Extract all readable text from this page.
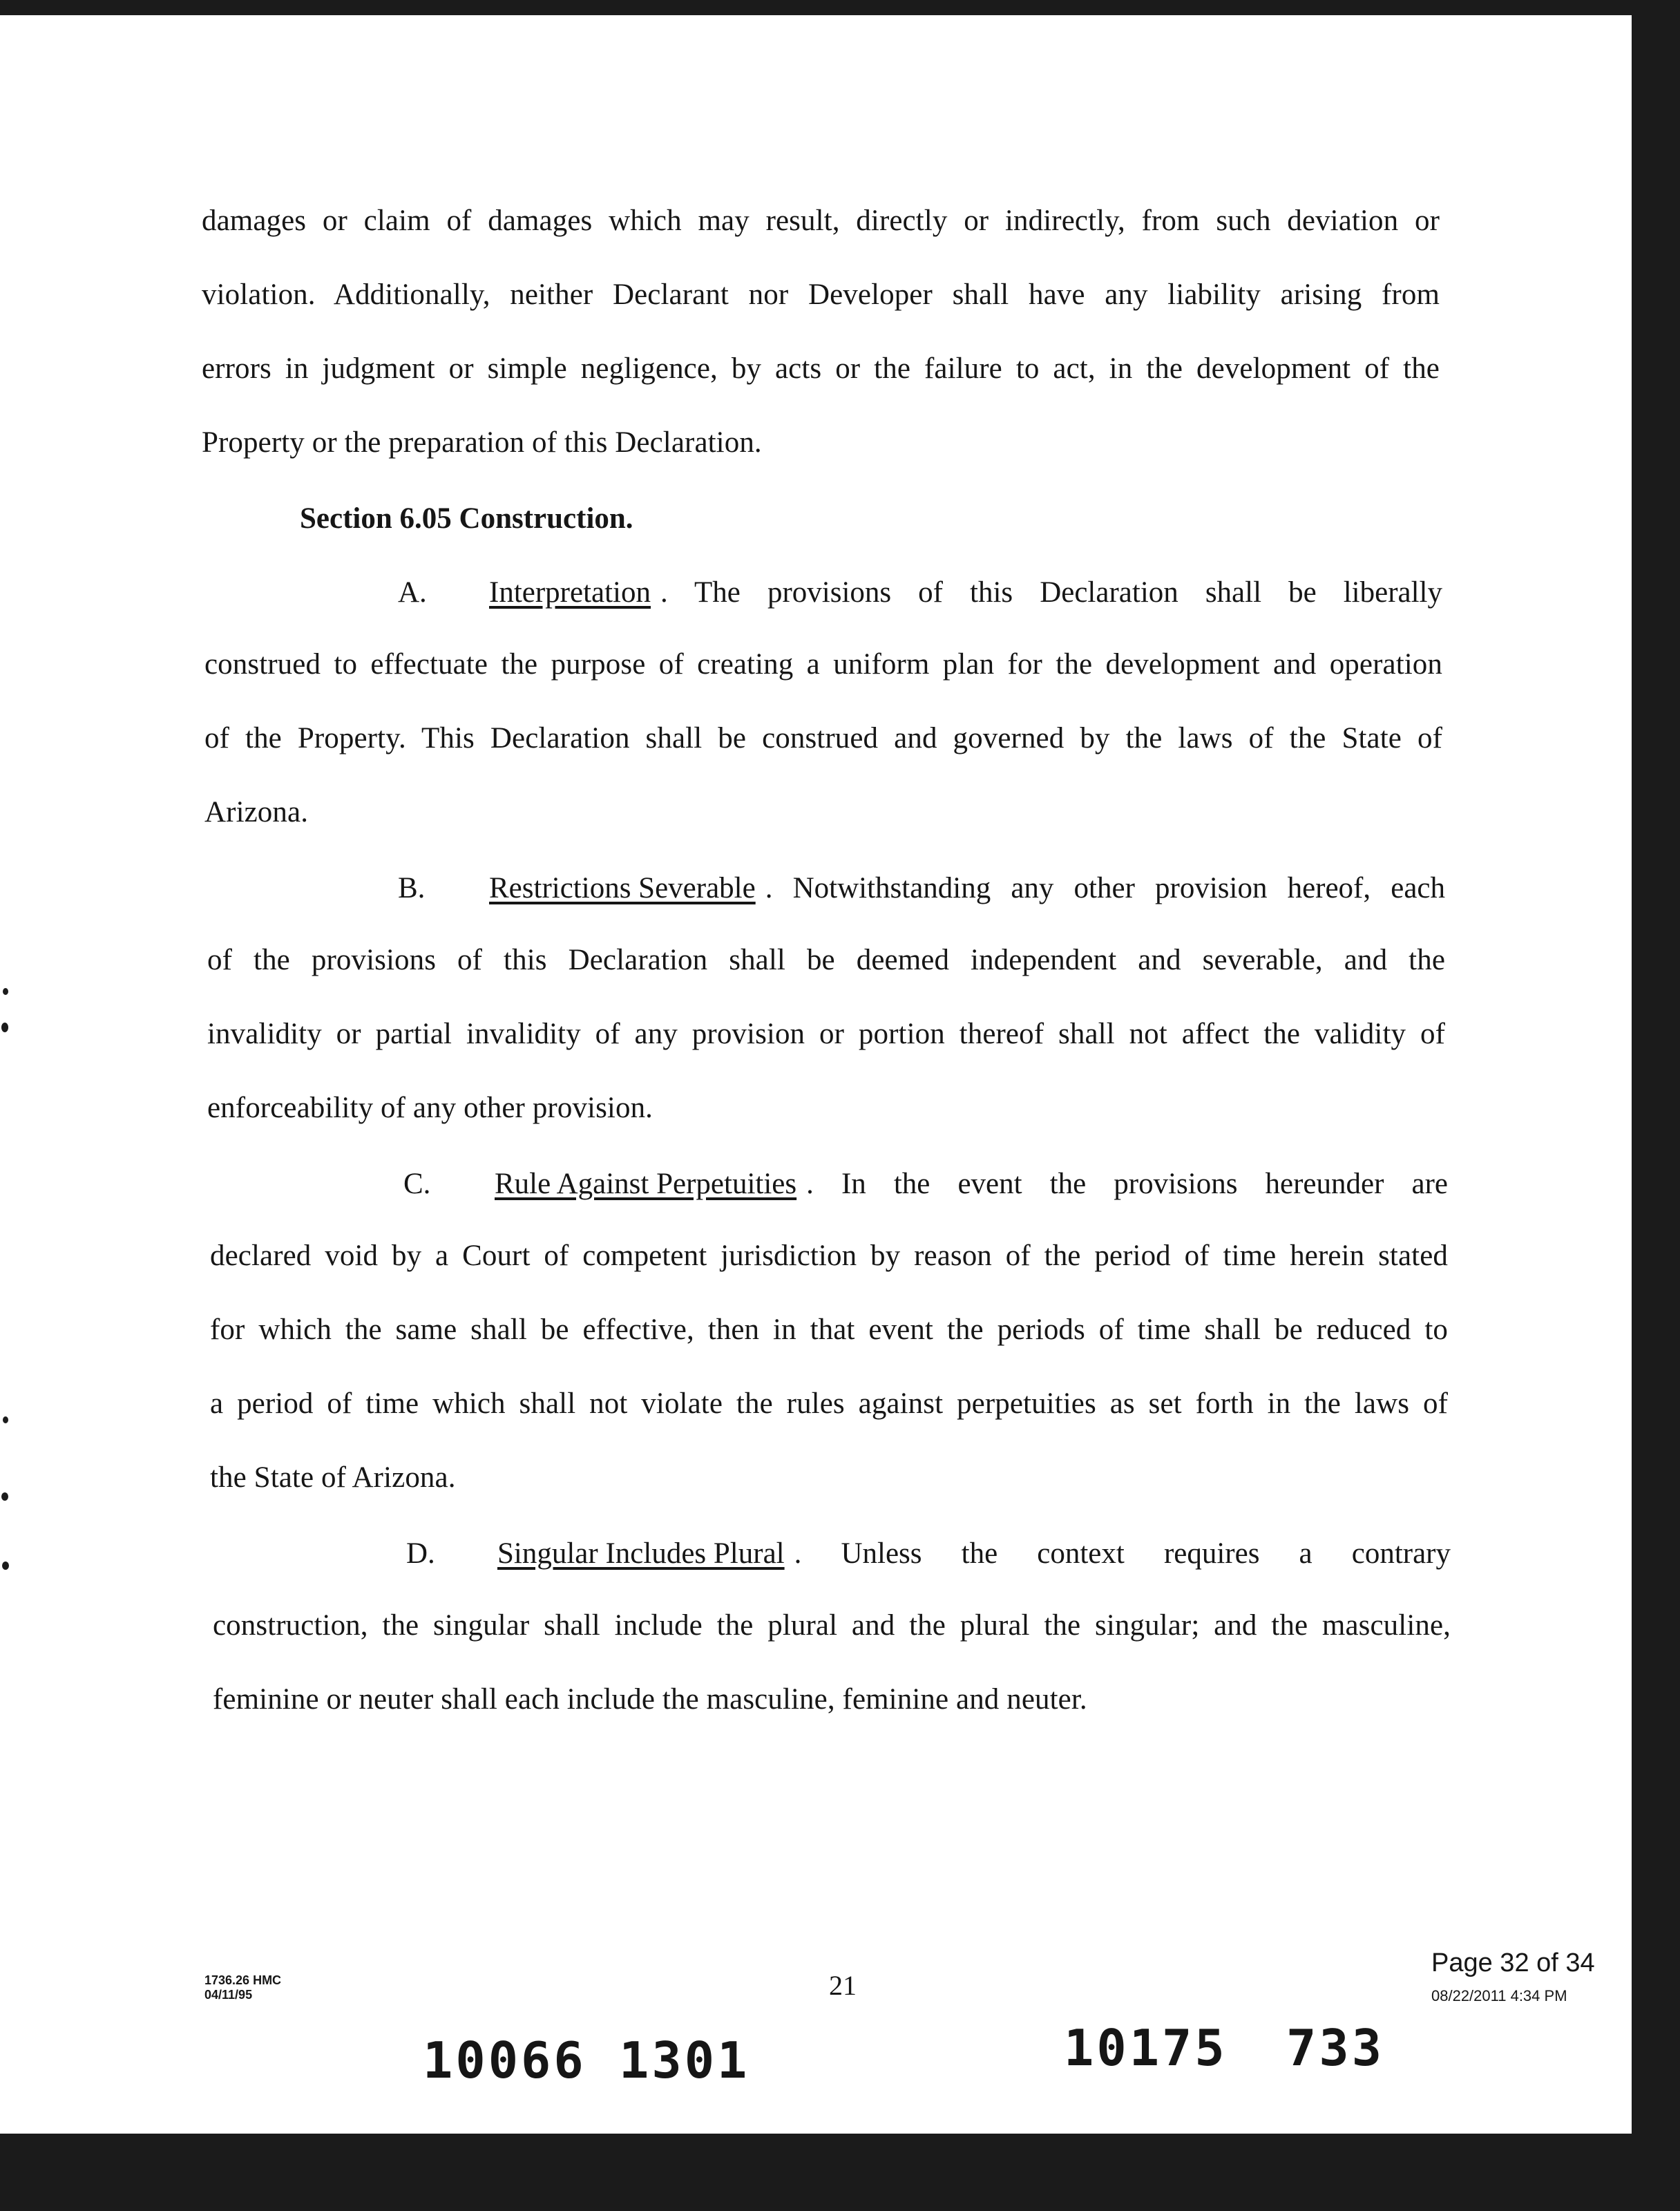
damages or claim of damages which may result, directly or indirectly, from such deviation or
violation. Additionally, neither Declarant nor Developer shall have any liability arising from
errors in judgment or simple negligence, by acts or the failure to act, in the development of the
Property or the preparation of this Declaration.
Section 6.05 Construction.
A.	Interpretation . The provisions of this Declaration shall be liberally
construed to effectuate the purpose of creating a uniform plan for the development and operation
of the Property. This Declaration shall be construed and governed by the laws of the State of
Arizona.
B.	Restrictions Severable . Notwithstanding any other provision hereof, each
of the provisions of this Declaration shall be deemed independent and severable, and the
invalidity or partial invalidity of any provision or portion thereof shall not affect the validity of
enforceability of any other provision.
C.	Rule Against Perpetuities . In the event the provisions hereunder are
declared void by a Court of competent jurisdiction by reason of the period of time herein stated
for which the same shall be effective, then in that event the periods of time shall be reduced to
a period of time which shall not violate the rules against perpetuities as set forth in the laws of
the State of Arizona.
D.	Singular Includes Plural . Unless the context requires a contrary
construction, the singular shall include the plural and the plural the singular; and the masculine,
feminine or neuter shall each include the masculine, feminine and neuter.
1736.26 HMC
04/11/95	21
Page 32 of 34
08/22/2011 4:34 PM
10066 1301	10175 733
